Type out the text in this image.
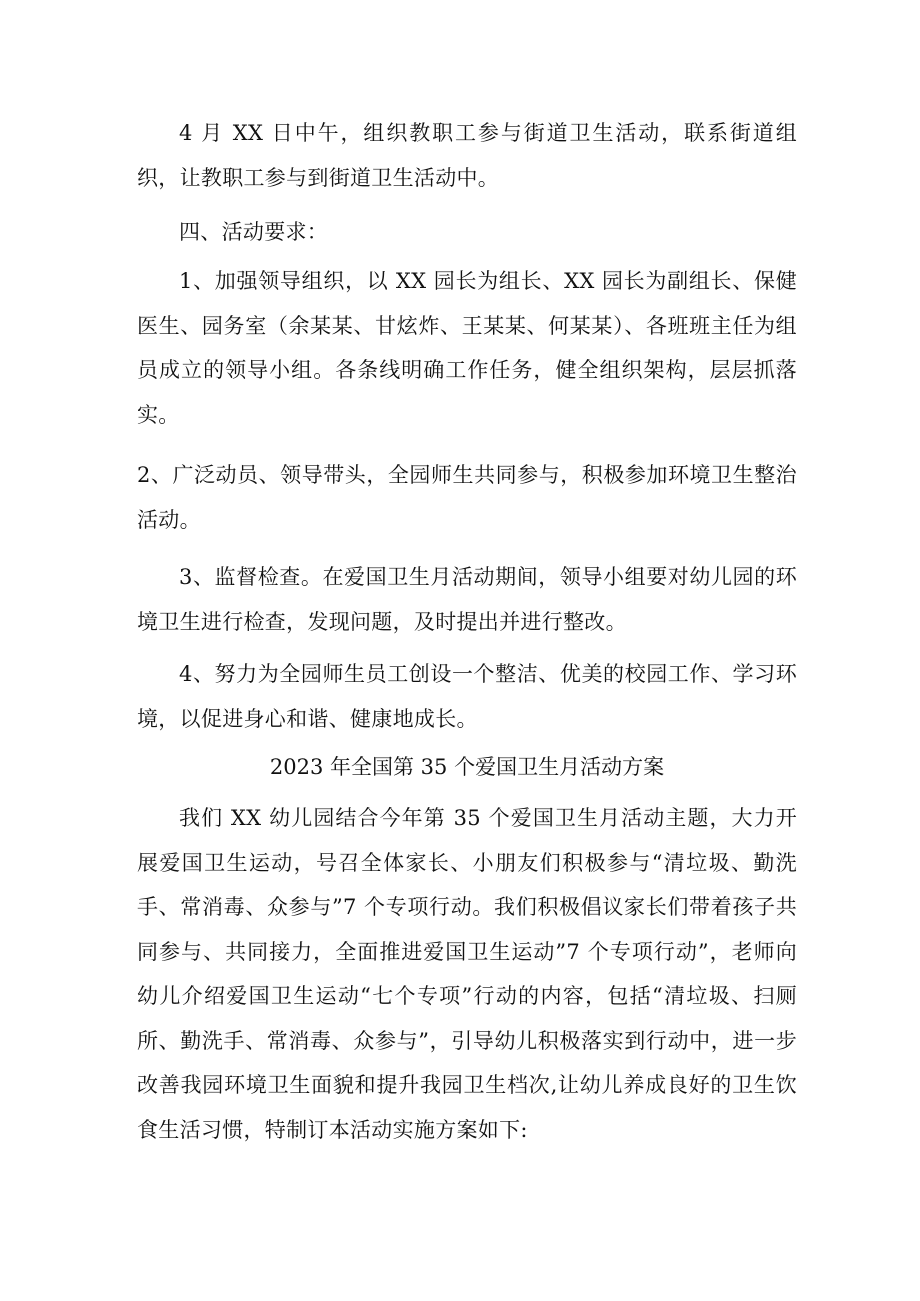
4 月 XX 日中午，组织教职工参与街道卫生活动，联系街道组织，让教职工参与到街道卫生活动中。

四、活动要求：

1、加强领导组织，以 XX 园长为组长、XX 园长为副组长、保健医生、园务室（余某某、甘炫炸、王某某、何某某）、各班班主任为组员成立的领导小组。各条线明确工作任务，健全组织架构，层层抓落实。

2、广泛动员、领导带头，全园师生共同参与，积极参加环境卫生整治活动。

3、监督检查。在爱国卫生月活动期间，领导小组要对幼儿园的环境卫生进行检查，发现问题，及时提出并进行整改。

4、努力为全园师生员工创设一个整洁、优美的校园工作、学习环境，以促进身心和谐、健康地成长。

2023 年全国第 35 个爱国卫生月活动方案

我们 XX 幼儿园结合今年第 35 个爱国卫生月活动主题，大力开展爱国卫生运动，号召全体家长、小朋友们积极参与“清垃圾、勤洗手、常消毒、众参与”7 个专项行动。我们积极倡议家长们带着孩子共同参与、共同接力，全面推进爱国卫生运动”7 个专项行动”，老师向幼儿介绍爱国卫生运动“七个专项”行动的内容，包括“清垃圾、扫厕所、勤洗手、常消毒、众参与”，引导幼儿积极落实到行动中，进一步改善我园环境卫生面貌和提升我园卫生档次,让幼儿养成良好的卫生饮食生活习惯，特制订本活动实施方案如下:
